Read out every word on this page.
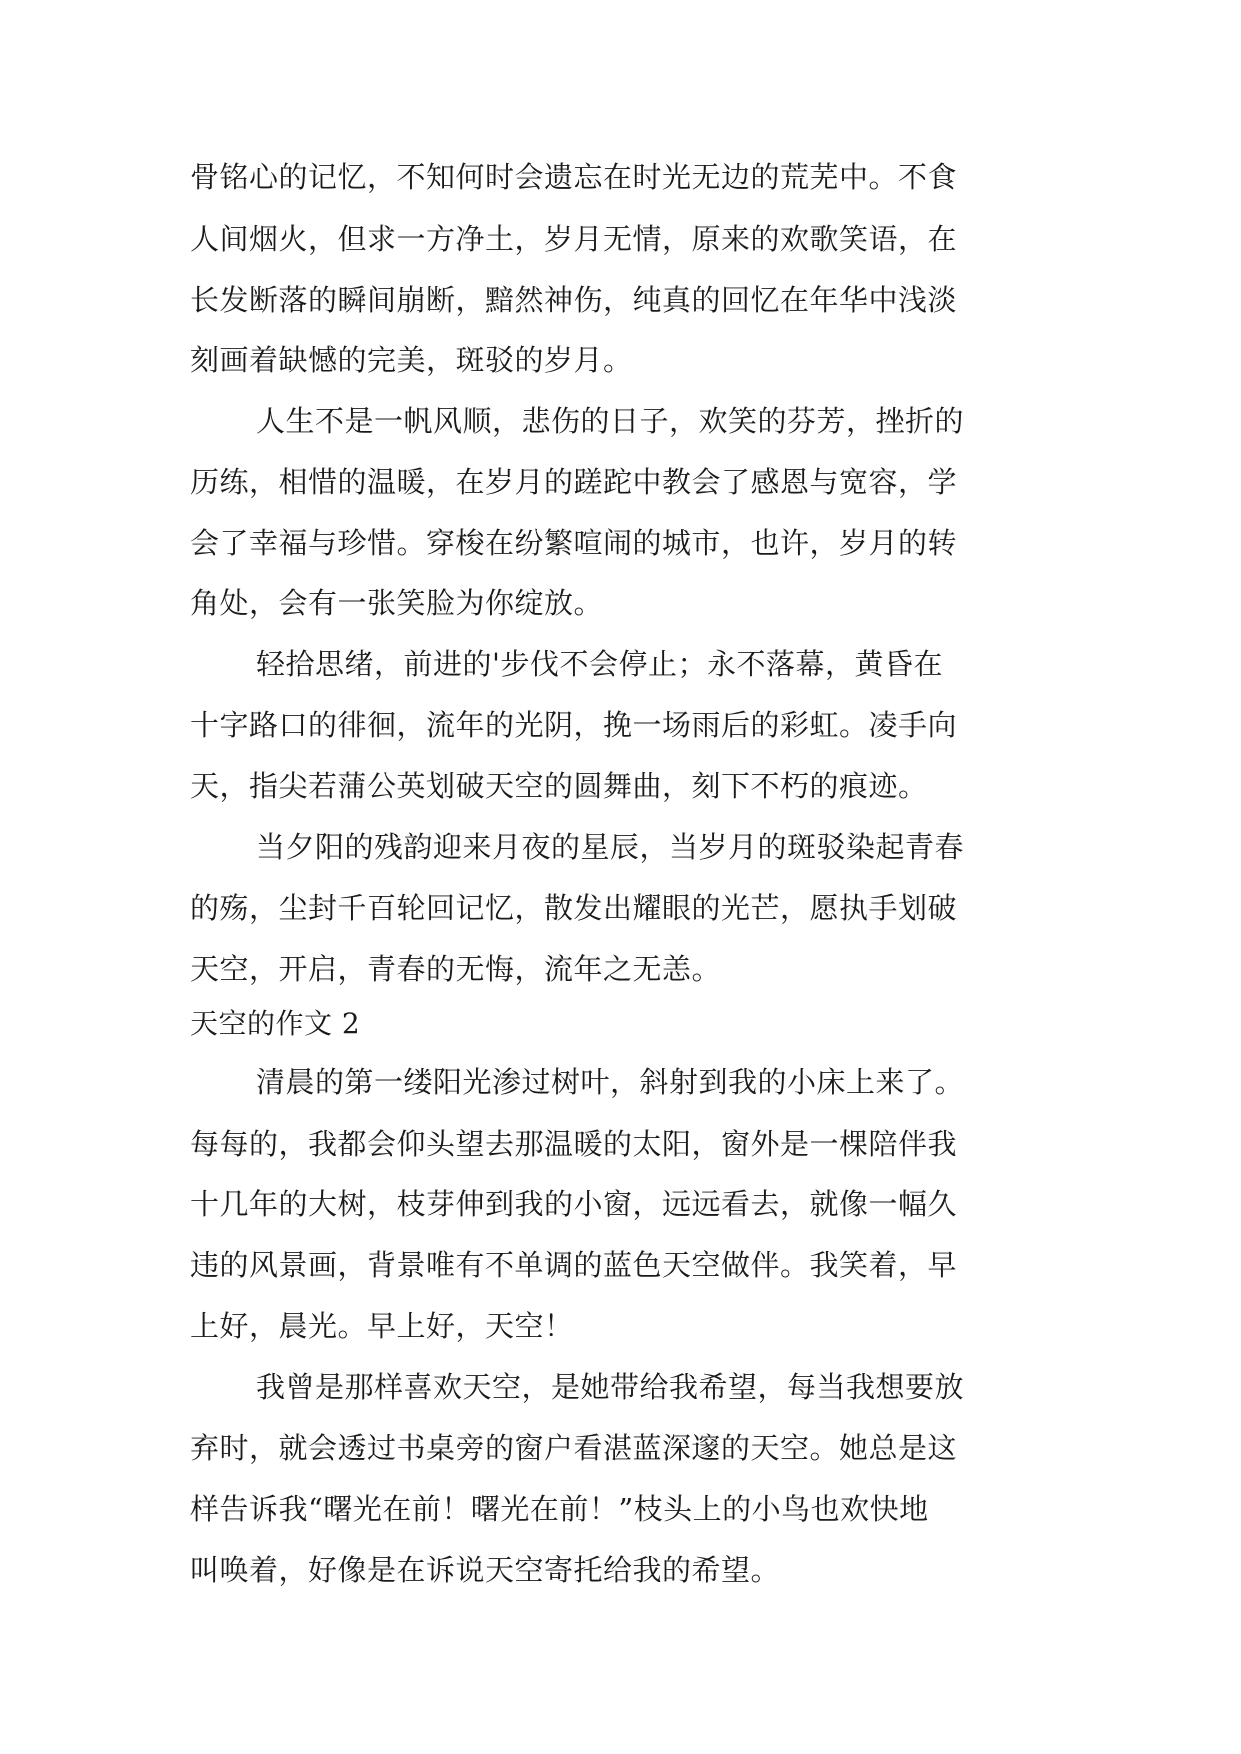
骨铭心的记忆，不知何时会遗忘在时光无边的荒芜中。不食
人间烟火，但求一方净土，岁月无情，原来的欢歌笑语，在
长发断落的瞬间崩断，黯然神伤，纯真的回忆在年华中浅淡
刻画着缺憾的完美，斑驳的岁月。
人生不是一帆风顺，悲伤的日子，欢笑的芬芳，挫折的
历练，相惜的温暖，在岁月的蹉跎中教会了感恩与宽容，学
会了幸福与珍惜。穿梭在纷繁喧闹的城市，也许，岁月的转
角处，会有一张笑脸为你绽放。
轻拾思绪，前进的'步伐不会停止；永不落幕，黄昏在
十字路口的徘徊，流年的光阴，挽一场雨后的彩虹。凌手向
天，指尖若蒲公英划破天空的圆舞曲，刻下不朽的痕迹。
当夕阳的残韵迎来月夜的星辰，当岁月的斑驳染起青春
的殇，尘封千百轮回记忆，散发出耀眼的光芒，愿执手划破
天空，开启，青春的无悔，流年之无恙。
天空的作文 2
清晨的第一缕阳光渗过树叶，斜射到我的小床上来了。
每每的，我都会仰头望去那温暖的太阳，窗外是一棵陪伴我
十几年的大树，枝芽伸到我的小窗，远远看去，就像一幅久
违的风景画，背景唯有不单调的蓝色天空做伴。我笑着，早
上好，晨光。早上好，天空！
我曾是那样喜欢天空，是她带给我希望，每当我想要放
弃时，就会透过书桌旁的窗户看湛蓝深邃的天空。她总是这
样告诉我“曙光在前！曙光在前！”枝头上的小鸟也欢快地
叫唤着，好像是在诉说天空寄托给我的希望。
